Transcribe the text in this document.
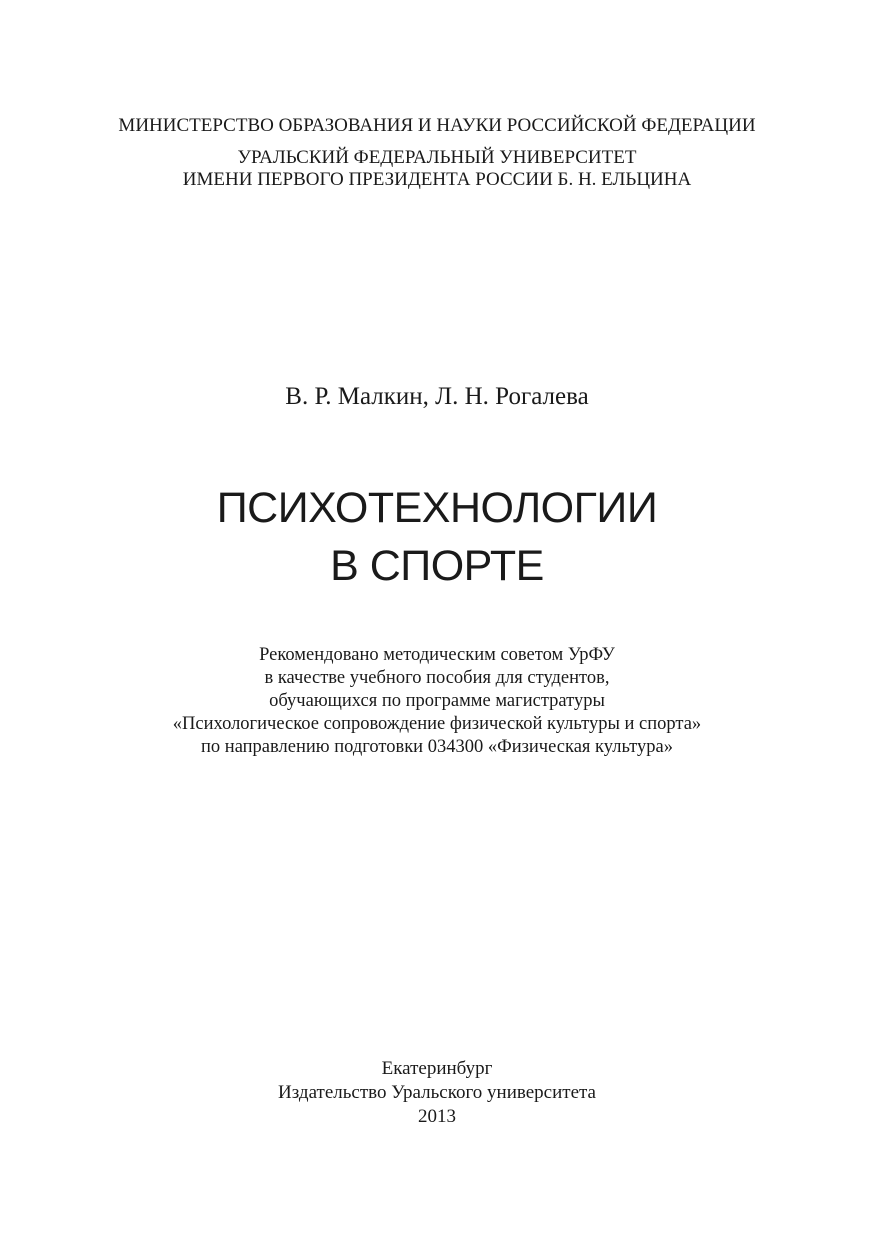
МИНИСТЕРСТВО ОБРАЗОВАНИЯ И НАУКИ РОССИЙСКОЙ ФЕДЕРАЦИИ

УРАЛЬСКИЙ ФЕДЕРАЛЬНЫЙ УНИВЕРСИТЕТ

ИМЕНИ ПЕРВОГО ПРЕЗИДЕНТА РОССИИ Б. Н. ЕЛЬЦИНА

В. Р. Малкин, Л. Н. Рогалева

ПСИХОТЕХНОЛОГИИ

В СПОРТЕ

Рекомендовано методическим советом УрФУ

в качестве учебного пособия для студентов,

обучающихся по программе магистратуры

«Психологическое сопровождение физической культуры и спорта»

по направлению подготовки 034300 «Физическая культура»

Екатеринбург

Издательство Уральского университета

2013
